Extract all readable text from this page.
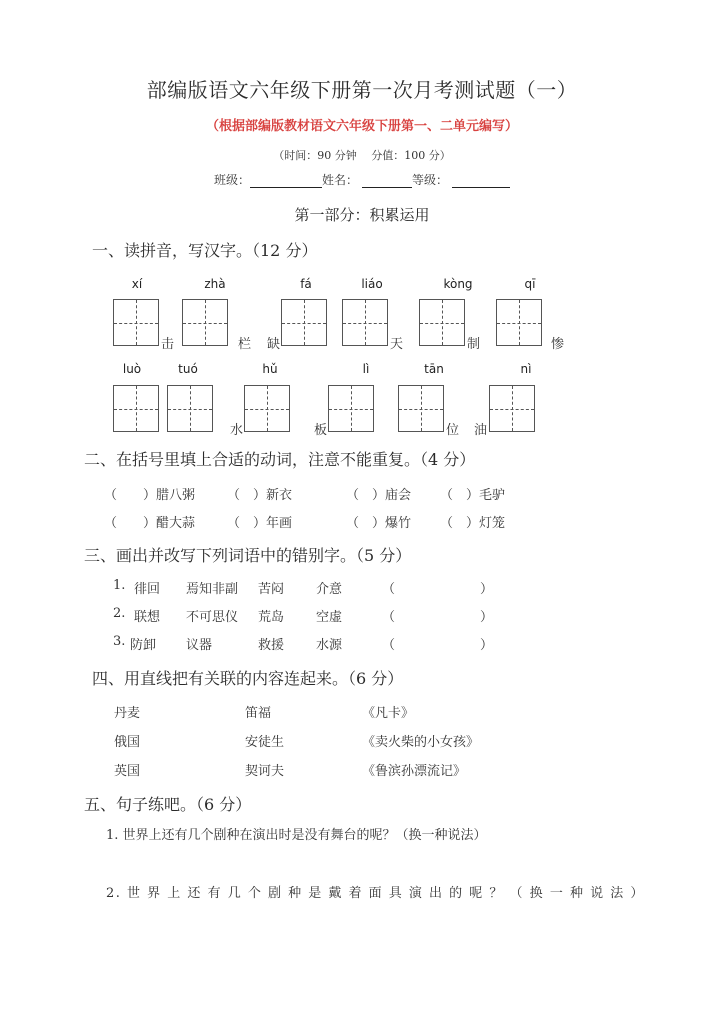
部编版语文六年级下册第一次月考测试题（一）
（根据部编版教材语文六年级下册第一、二单元编写）
（时间：90 分钟　 分值：100 分）
班级：	姓名：	等级：
第一部分：积累运用
一、读拼音，写汉字。（12 分）
xí	zhà	fá	liáo	kòng	qī
击	栏 缺	天	制	惨
luò	tuó	hǔ	lì	tān	nì
水	板	位 油
二、在括号里填上合适的动词，注意不能重复。（4 分）
（　　）腊八粥 （　）新衣	（　）庙会 （　）毛驴
（　　）醋大蒜 （　）年画	（　）爆竹 （　）灯笼
三、画出并改写下列词语中的错别字。（5 分）
1. 徘回 焉知非副 苦闷 介意	（	）
2. 联想 不可思仪 荒岛 空虚	（	）
3. 防卸 议器	救援 水源	（	）
四、用直线把有关联的内容连起来。（6 分）
丹麦	笛福	《凡卡》
俄国	安徒生	《卖火柴的小女孩》
英国	契诃夫	《鲁滨孙漂流记》
五、句子练吧。（6 分）
1. 世界上还有几个剧种在演出时是没有舞台的呢？（换一种说法）
2. 世 界 上 还 有 几 个 剧 种 是 戴 着 面 具 演 出 的 呢 ？ （ 换 一 种 说 法 ）
